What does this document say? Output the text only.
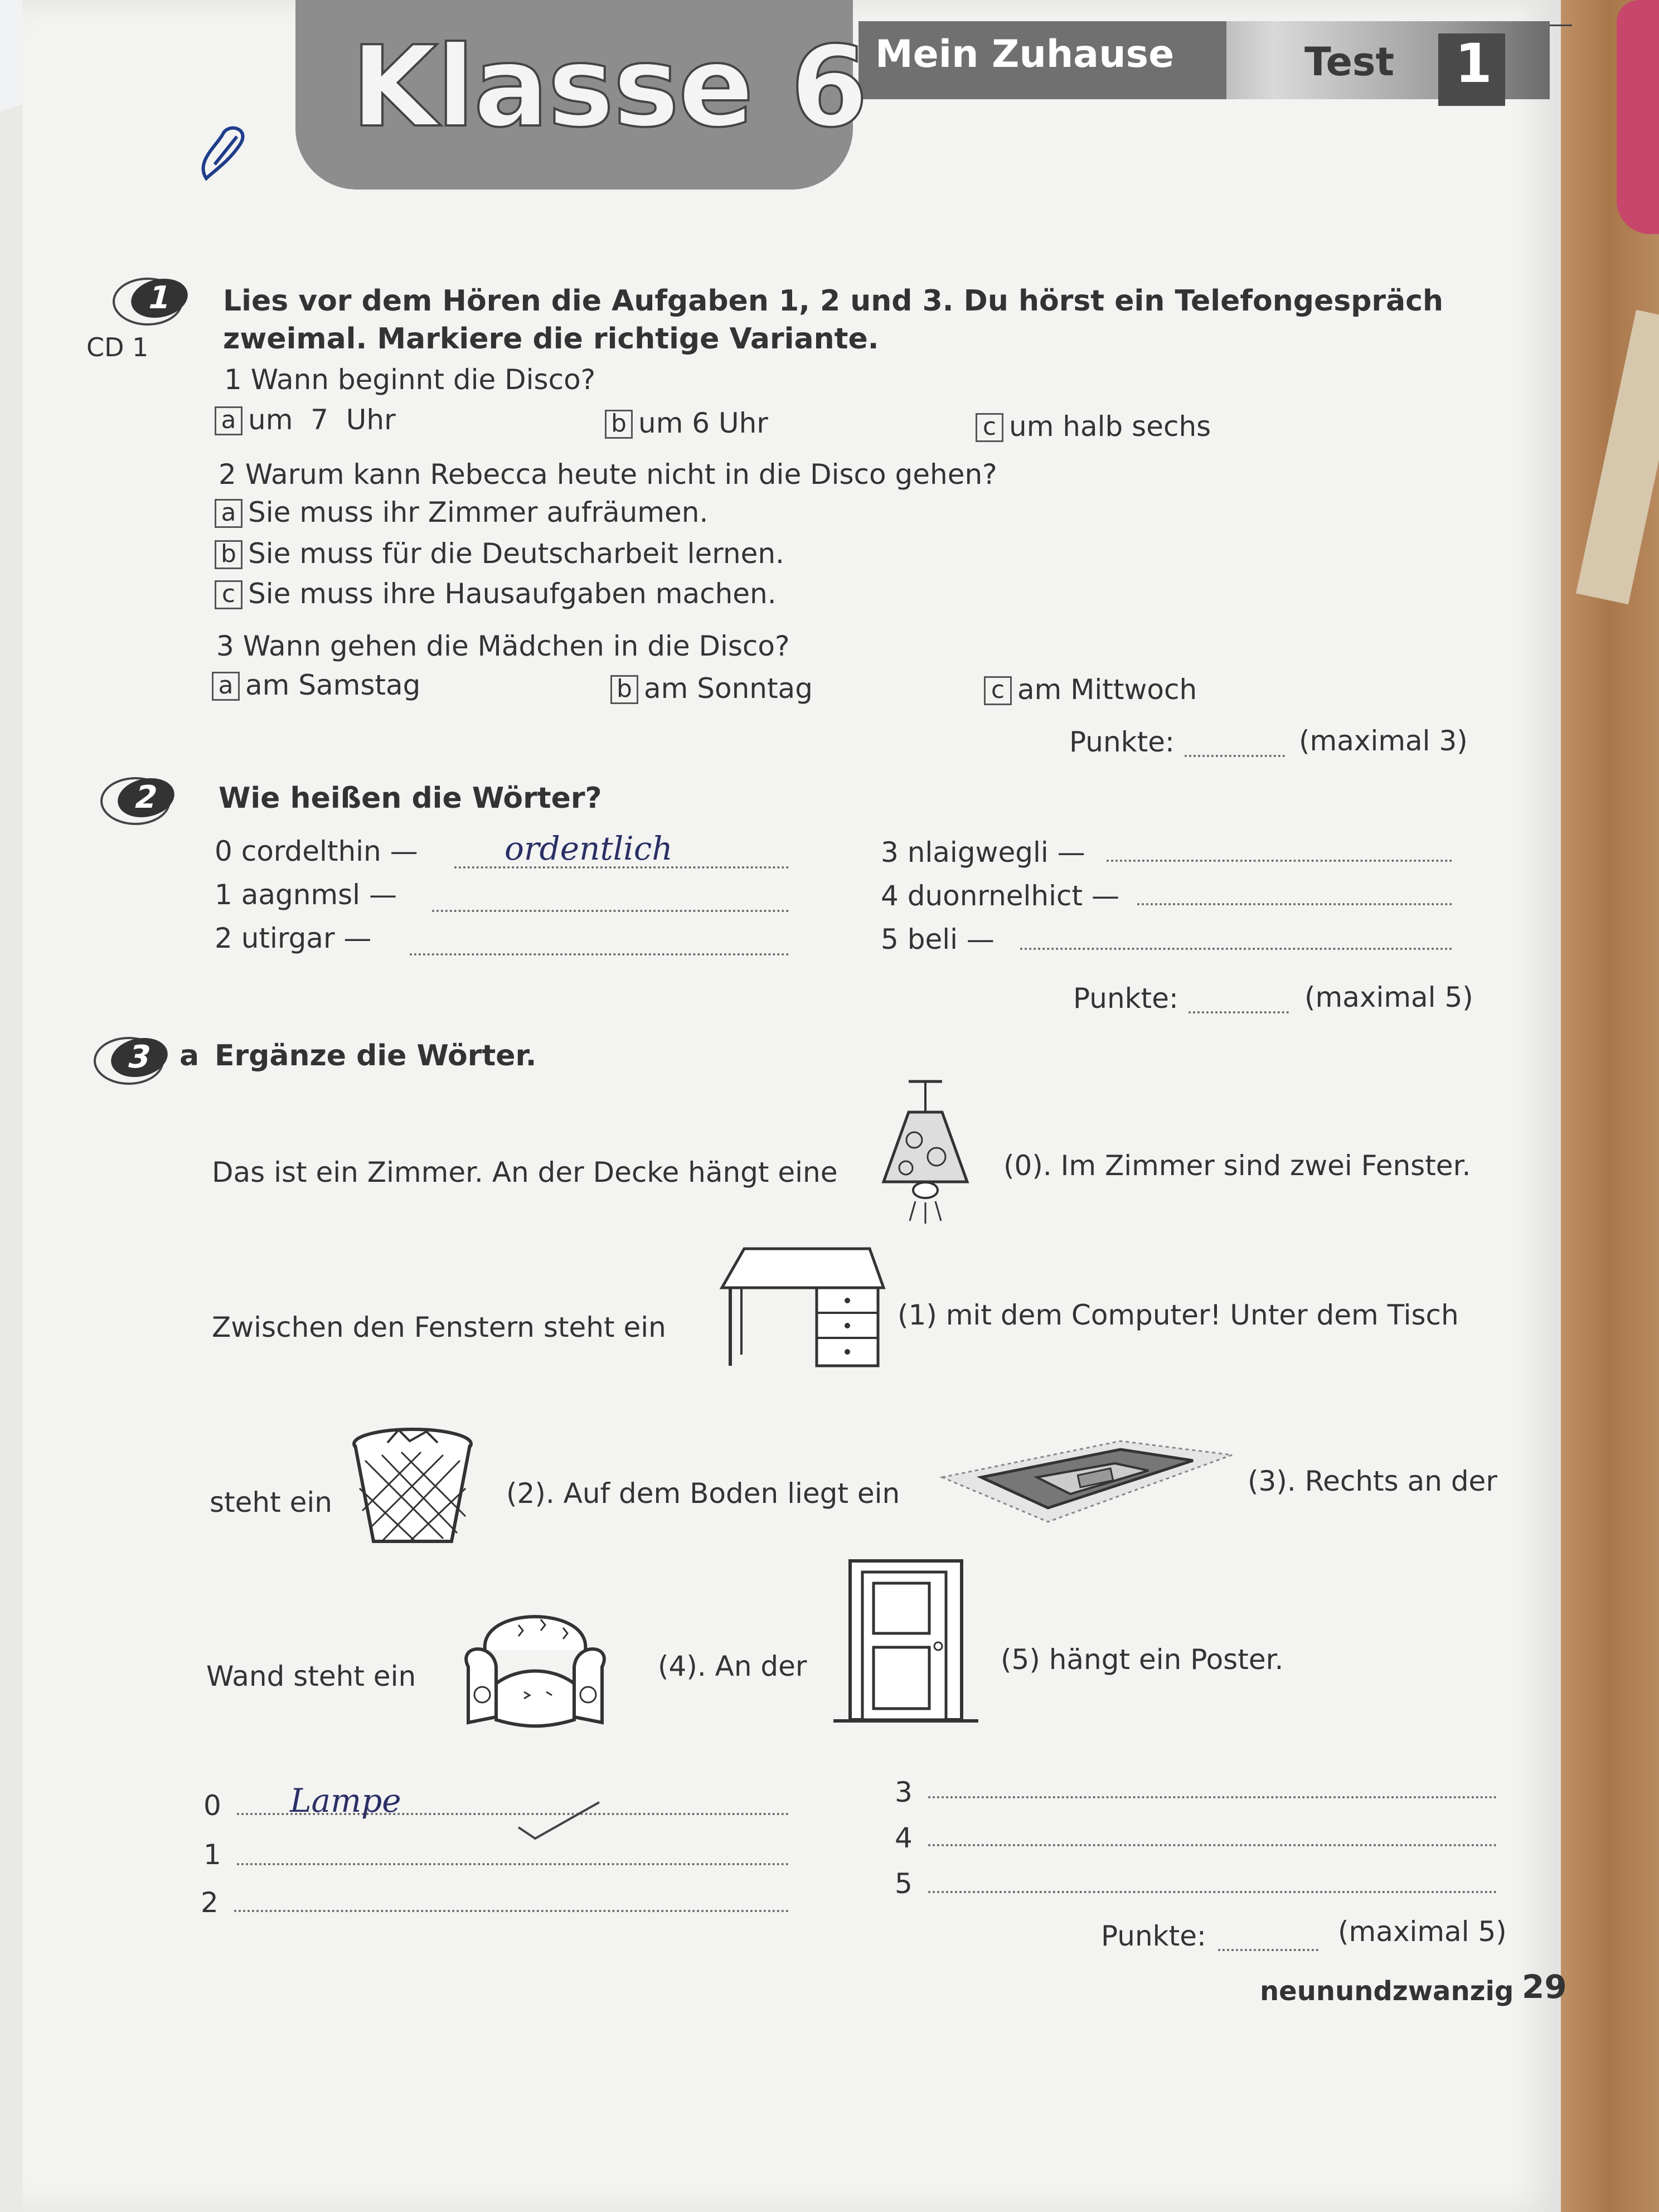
Klasse 6 Mein Zuhause	Test 1
1
CD 1
Lies vor dem Hören die Aufgaben 1, 2 und 3. Du hörst ein Telefongespräch
zweimal. Markiere die richtige Variante.
1 Wann beginnt die Disco?
a um  7  Uhr	b um 6 Uhr	c um halb sechs
2 Warum kann Rebecca heute nicht in die Disco gehen?
a Sie muss ihr Zimmer aufräumen.
b Sie muss für die Deutscharbeit lernen.
c Sie muss ihre Hausaufgaben machen.
3 Wann gehen die Mädchen in die Disco?
a am Samstag	b am Sonntag	c am Mittwoch
Punkte:	(maximal 3)
2	Wie heißen die Wörter?
0 cordelthin —	ordentlich
1 aagnmsl —
2 utirgar —
3 nlaigwegli —
4 duonrnelhict —
5 beli —
Punkte:	(maximal 5)
3 a Ergänze die Wörter.
Das ist ein Zimmer. An der Decke hängt eine	(0). Im Zimmer sind zwei Fenster.
Zwischen den Fenstern steht ein	(1) mit dem Computer! Unter dem Tisch
steht ein	(2). Auf dem Boden liegt ein	(3). Rechts an der
Wand steht ein	(4). An der	(5) hängt ein Poster.
0 Lampe
1
2
3
4
5
Punkte:	(maximal 5)
neunundzwanzig 29
